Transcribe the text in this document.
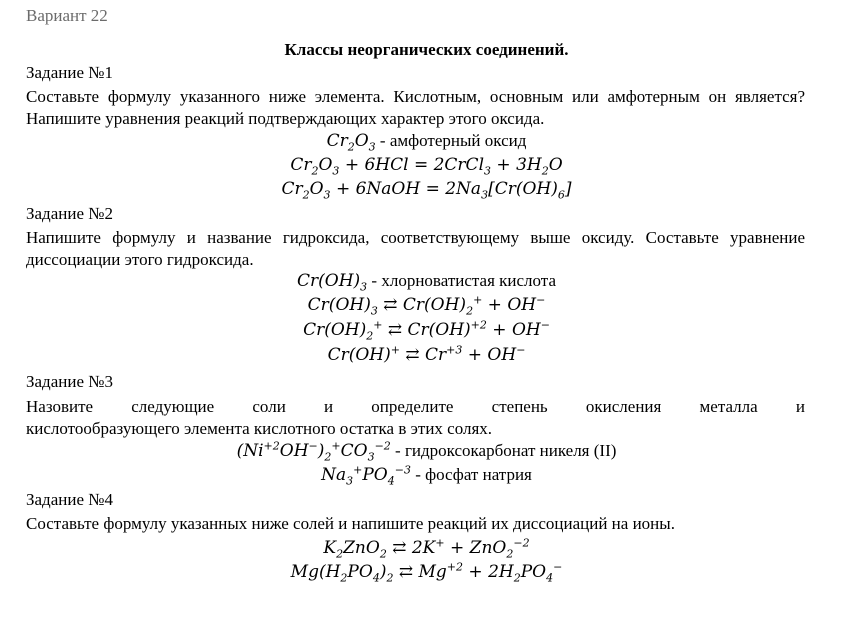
Вариант 22
Классы неорганических соединений.
Задание №1
Составьте формулу указанного ниже элемента. Кислотным, основным или амфотерным он является? Напишите уравнения реакций подтверждающих характер этого оксида.
$Cr_2O_3$ - амфотерный оксид
$Cr_2O_3 + 6HCl$ = 2CrCl$_3$ + $3H_2O$
$Cr_2O_3$ + 6NaOH = $2Na_3[Cr(OH)_6]$
Задание №2
Напишите формулу и название гидроксида, соответствующему выше оксиду. Составьте уравнение диссоциации этого гидроксида.
$Cr(OH)_3$ - хлорноватистая кислота
$Cr(OH)_3$ ⇄ $Cr(OH)_2^+ + OH^-$
$Cr(OH)_2^+$ ⇄ Cr(OH)$^{+2}$ + OH−
Cr(OH)+ ⇄ $Cr^{+3} + OH^-$
Задание №3
Назовите следующие соли и определите степень окисления металла и
кислотообразующего элемента кислотного остатка в этих солях.
$(Ni^{+2}OH^-)_2^+CO_3^{-2}$ - гидроксокарбонат никеля (II)
$Na_3^+PO_4^{-3}$ - фосфат натрия
Задание №4
Составьте формулу указанных ниже солей и напишите реакций их диссоциаций на ионы.
$K_2ZnO_2$ ⇄ 2K+ + ZnO$_2^{-2}$
$Mg(H_2PO_4)_2$ ⇄ $Mg^{+2} + 2H_2PO_4^-$
